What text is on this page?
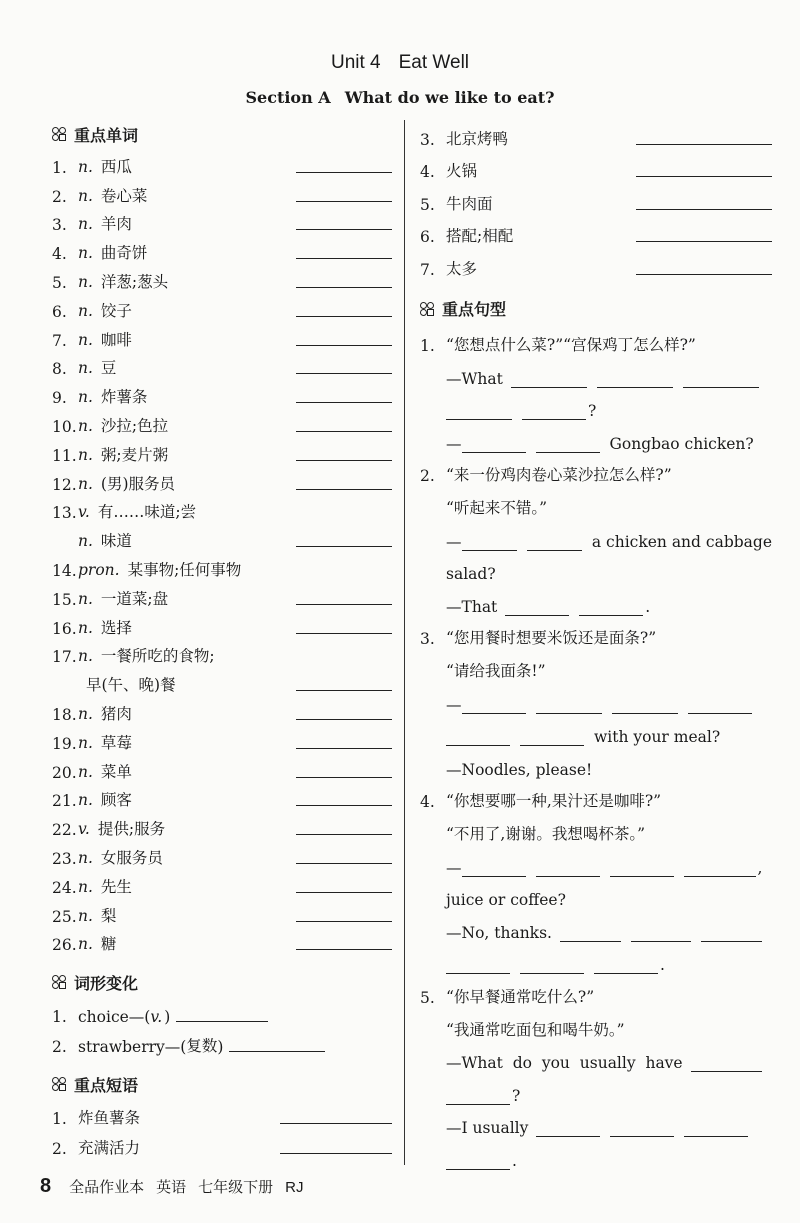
Unit 4 Eat Well
Section A What do we like to eat?
重点单词
1. n. 西瓜
2. n. 卷心菜
3. n. 羊肉
4. n. 曲奇饼
5. n. 洋葱;葱头
6. n. 饺子
7. n. 咖啡
8. n. 豆
9. n. 炸薯条
10. n. 沙拉;色拉
11. n. 粥;麦片粥
12. n. (男)服务员
13. v. 有……味道;尝
n. 味道
14. pron. 某事物;任何事物
15. n. 一道菜;盘
16. n. 选择
17. n. 一餐所吃的食物;
早(午、晚)餐
18. n. 猪肉
19. n. 草莓
20. n. 菜单
21. n. 顾客
22. v. 提供;服务
23. n. 女服务员
24. n. 先生
25. n. 梨
26. n. 糖
词形变化
1. choice—( v. )
2. strawberry—( 复数 )
重点短语
1. 炸鱼薯条
2. 充满活力
3. 北京烤鸭
4. 火锅
5. 牛肉面
6. 搭配;相配
7. 太多
重点句型
1. “您想点什么菜?”“宫保鸡丁怎么样?”
—What
?
—	Gongbao chicken?
2. “来一份鸡肉卷心菜沙拉怎么样?”
“听起来不错。”
—	a chicken and cabbage
salad?
—That	.
3. “您用餐时想要米饭还是面条?”
“请给我面条!”
—
with your meal?
—Noodles, please!
4. “你想要哪一种,果汁还是咖啡?”
“不用了,谢谢。我想喝杯茶。”
—	,
juice or coffee?
—No, thanks.
.
5. “你早餐通常吃什么?”
“我通常吃面包和喝牛奶。”
—What  do  you  usually  have
?
—I usually
.
8 全品作业本 英语 七年级下册 RJ
